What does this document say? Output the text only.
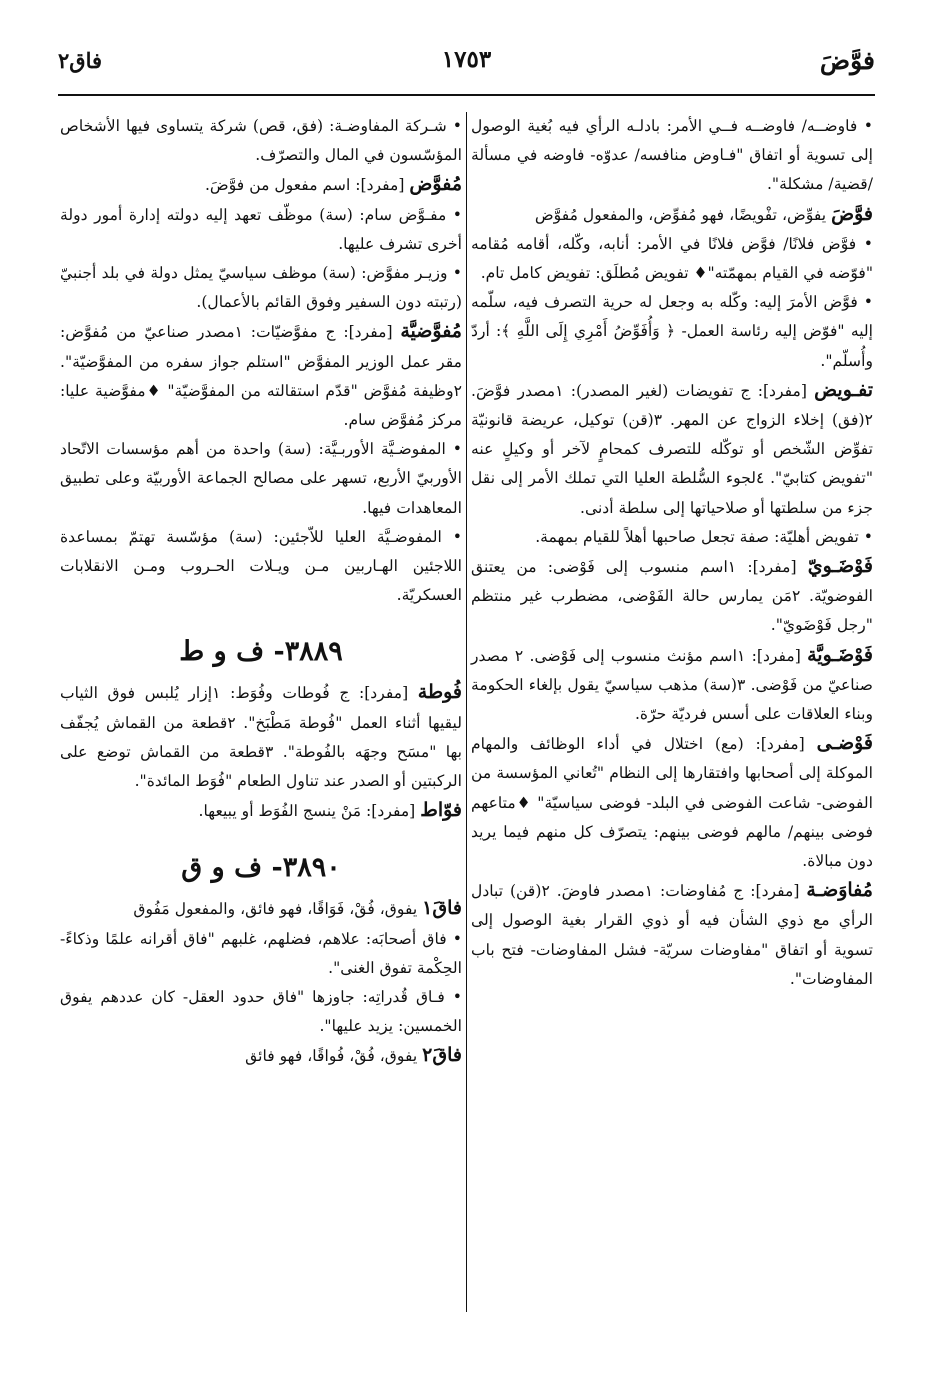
فاق٢	١٧٥٣	فوَّضَ
• فاوضــه/ فاوضــه فــي الأمر: بادلـه الرأي فيه بُغية الوصول إلى تسوية أو اتفاق "فـاوض منافسه/ عدوّه- فاوضه في مسألة /قضية/ مشكلة".
فوَّضَ يفوِّض، تفْويضًا، فهو مُفوِّض، والمفعول مُفوَّض
• فوَّض فلانًا/ فوَّض فلانًا في الأمر: أنابه، وكّله، أقامه مُقامه "فوّضه في القيام بمهمّته"♦ تفويض مُطلَق: تفويض كامل تام.
• فوَّض الأمرَ إليه: وكّله به وجعل له حرية التصرف فيه، سلّمه إليه "فوّض إليه رئاسة العمل- ﴿ وَأُفَوِّضُ أَمْرِي إِلَى اللَّهِ ﴾: أردّ وأُسلّم".
تفـويض [مفرد]: ج تفويضات (لغير المصدر): ١مصدر فوَّضَ. ٢(فق) إخلاء الزواج عن المهر. ٣(قن) توكيل، عريضة قانونيّة تفوِّض الشّخص أو توكّله للتصرف كمحامٍ لآخر أو وكيلٍ عنه "تفويض كتابيّ". ٤لجوء السُّلطة العليا التي تملك الأمر إلى نقل جزء من سلطتها أو صلاحياتها إلى سلطة أدنى.
• تفويض أهليّة: صفة تجعل صاحبها أهلاً للقيام بمهمة.
فَوْضَـويّ [مفرد]: ١اسم منسوب إلى فَوْضى: من يعتنق الفوضويّة. ٢مَن يمارس حالة الفَوْضى، مضطرب غير منتظم "رجل فَوْضَويّ".
فَوْضَـويَّة [مفرد]: ١اسم مؤنث منسوب إلى فَوْضى. ٢ مصدر صناعيّ من فَوْضى. ٣(سة) مذهب سياسيّ يقول بإلغاء الحكومة وبناء العلاقات على أسس فرديّة حرّة.
فَوْضـى [مفرد]: (مع) اختلال في أداء الوظائف والمهام الموكلة إلى أصحابها وافتقارها إلى النظام "تُعاني المؤسسة من الفوضى- شاعت الفوضى في البلد- فوضى سياسيّة" ♦متاعهم فوضى بينهم/ مالهم فوضى بينهم: يتصرّف كل منهم فيما يريد دون مبالاة.
مُفاوَضـة [مفرد]: ج مُفاوضات: ١مصدر فاوضَ. ٢(قن) تبادل الرأي مع ذوي الشأن فيه أو ذوي القرار بغية الوصول إلى تسوية أو اتفاق "مفاوضات سريّة- فشل المفاوضات- فتح باب المفاوضات".
• شـركة المفاوضـة: (فق، قص) شركة يتساوى فيها الأشخاص المؤسّسون في المال والتصرّف.
مُفوَّض [مفرد]: اسم مفعول من فوَّضَ.
• مفـوَّض سام: (سة) موظّف تعهد إليه دولته إدارة أمور دولة أخرى تشرف عليها.
• وزيـر مفوَّض: (سة) موظف سياسيّ يمثل دولة في بلد أجنبيّ (رتبته دون السفير وفوق القائم بالأعمال).
مُفوَّضيَّة [مفرد]: ج مفوَّضيّات: ١مصدر صناعيّ من مُفوَّض: مقر عمل الوزير المفوَّض "استلم جواز سفره من المفوَّضيّة". ٢وظيفة مُفوَّض "قدّم استقالته من المفوَّضيّة" ♦مفوَّضية عليا: مركز مُفوَّض سام.
• المفوضـيَّة الأوربـيَّة: (سة) واحدة من أهم مؤسسات الاتّحاد الأوربيّ الأربع، تسهر على مصالح الجماعة الأوربيّة وعلى تطبيق المعاهدات فيها.
• المفوضـيَّة العليا للاّجئين: (سة) مؤسّسة تهتمّ بمساعدة اللاجئين الهـاربين مـن ويـلات الحـروب ومـن الانقلابات العسكريّة.
٣٨٨٩- ف و ط
فُوطة [مفرد]: ج فُوطات وفُوَط: ١إزار يُلبس فوق الثياب ليقيها أثناء العمل "فُوطة مَطْبَخ". ٢قطعة من القماش يُجفّف بها "مسَح وجهَه بالفُوطة". ٣قطعة من القماش توضع على الركبتين أو الصدر عند تناول الطعام "فُوَط المائدة".
فوّاط [مفرد]: مَنْ ينسج الفُوَط أو يبيعها.
٣٨٩٠- ف و ق
فاقَ١ يفوق، فُقْ، فَوَاقًا، فهو فائق، والمفعول مَفُوق
• فاق أصحابَه: علاهم، فضلهم، غلبهم "فاق أقرانه علمًا وذكاءً- الحِكْمة تفوق الغنى".
• فـاق قُدراتِه: جاوزها "فاق حدود العقل- كان عددهم يفوق الخمسين: يزيد عليها".
فاقَ٢ يفوق، فُقْ، فُواقًا، فهو فائق
